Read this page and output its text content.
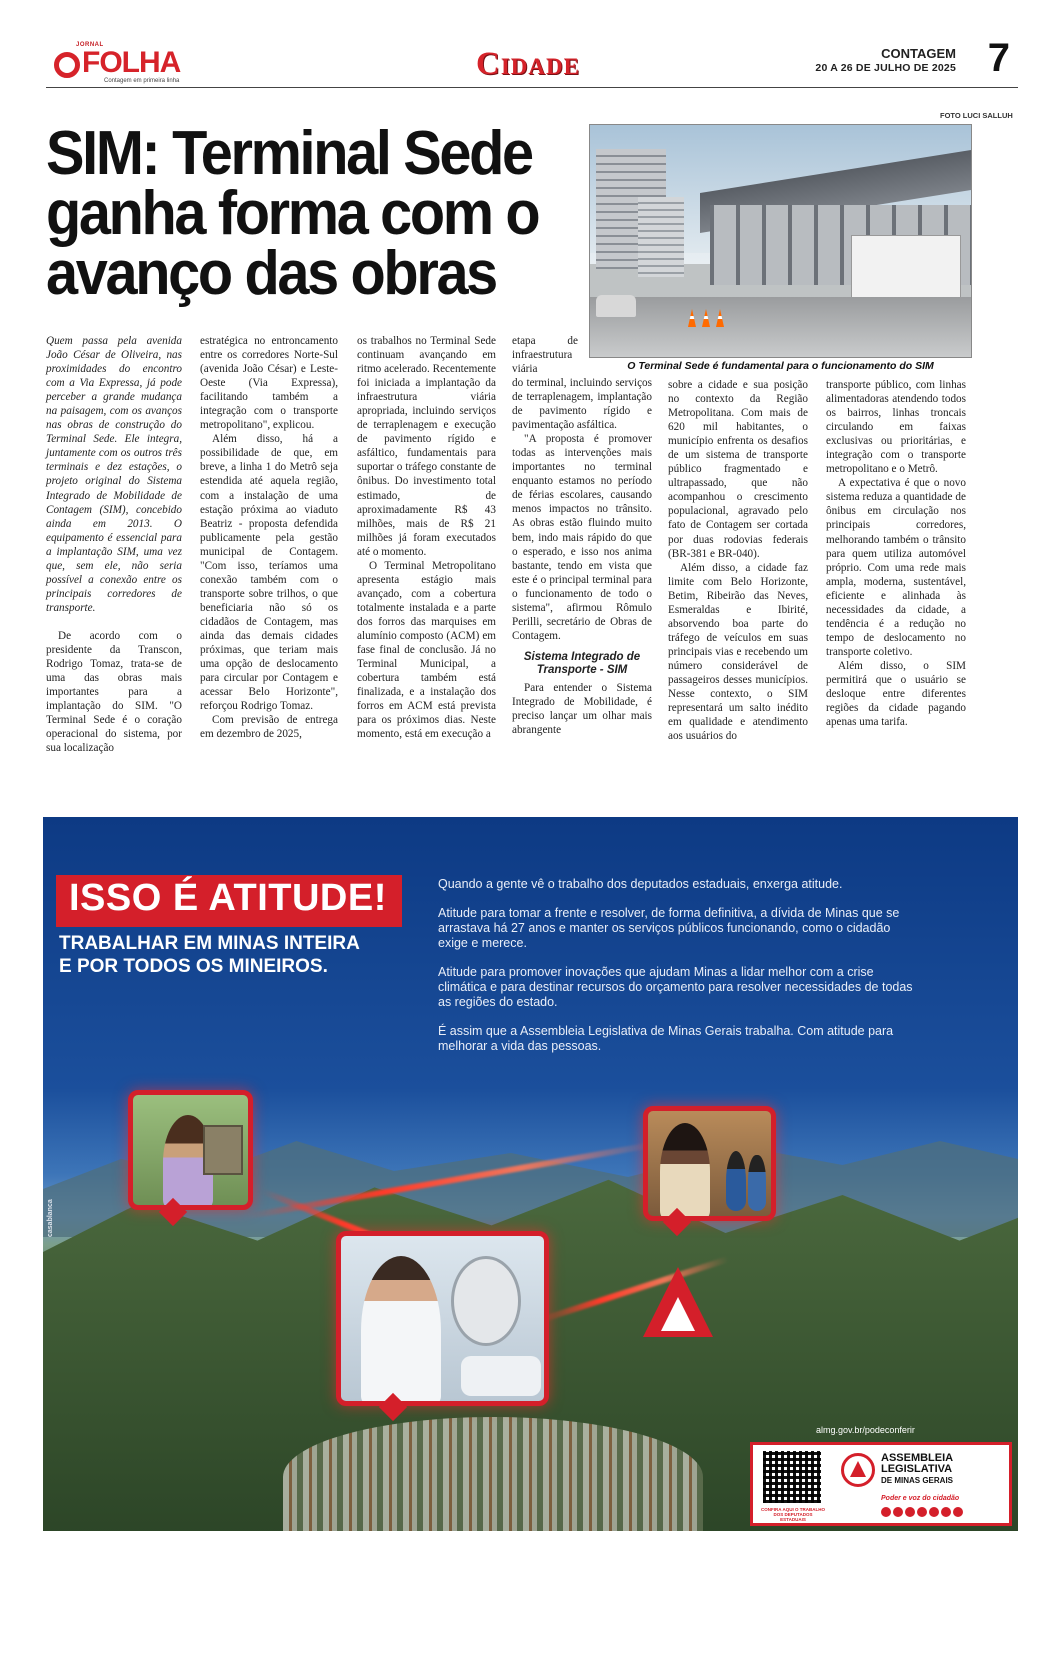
JORNAL
FOLHA
Contagem em primeira linha	Cidade	CONTAGEM
20 A 26 DE JULHO DE 2025 7
SIM: Terminal Sede ganha forma com o avanço das obras
FOTO LUCI SALLUH
O Terminal Sede é fundamental para o funcionamento do SIM

Quem passa pela avenida João César de Oliveira, nas proximidades do encontro com a Via Expressa, já pode perceber a grande mudança na paisagem, com os avanços nas obras de construção do Terminal Sede. Ele integra, juntamente com os outros três terminais e dez estações, o projeto original do Sistema Integrado de Mobilidade de Contagem (SIM), concebido ainda em 2013. O equipamento é essencial para a implantação SIM, uma vez que, sem ele, não seria possível a conexão entre os principais corredores de transporte.

De acordo com o presidente da Transcon, Rodrigo Tomaz, trata-se de uma das obras mais importantes para a implantação do SIM. "O Terminal Sede é o coração operacional do sistema, por sua localização

estratégica no entroncamento entre os corredores Norte-Sul (avenida João César) e Leste-Oeste (Via Expressa), facilitando também a integração com o transporte metropolitano", explicou.

Além disso, há a possibilidade de que, em breve, a linha 1 do Metrô seja estendida até aquela região, com a instalação de uma estação próxima ao viaduto Beatriz - proposta defendida publicamente pela gestão municipal de Contagem. "Com isso, teríamos uma conexão também com o transporte sobre trilhos, o que beneficiaria não só os cidadãos de Contagem, mas ainda das demais cidades próximas, que teriam mais uma opção de deslocamento para circular por Contagem e acessar Belo Horizonte", reforçou Rodrigo Tomaz.

Com previsão de entrega em dezembro de 2025,

os trabalhos no Terminal Sede continuam avançando em ritmo acelerado. Recentemente foi iniciada a implantação da infraestrutura viária apropriada, incluindo serviços de terraplenagem e execução de pavimento rígido e asfáltico, fundamentais para suportar o tráfego constante de ônibus. Do investimento total estimado, de aproximadamente R$ 43 milhões, mais de R$ 21 milhões já foram executados até o momento.

O Terminal Metropolitano apresenta estágio mais avançado, com a cobertura totalmente instalada e a parte dos forros das marquises em alumínio composto (ACM) em fase final de conclusão. Já no Terminal Municipal, a cobertura também está finalizada, e a instalação dos forros em ACM está prevista para os próximos dias. Neste momento, está em execução a

etapa de infraestrutura viária

do terminal, incluindo serviços de terraplenagem, implantação de pavimento rígido e pavimentação asfáltica.

"A proposta é promover todas as intervenções mais importantes no terminal enquanto estamos no período de férias escolares, causando menos impactos no trânsito. As obras estão fluindo muito bem, indo mais rápido do que o esperado, e isso nos anima bastante, tendo em vista que este é o principal terminal para o funcionamento de todo o sistema", afirmou Rômulo Perilli, secretário de Obras de Contagem.

Sistema Integrado de Transporte - SIM

Para entender o Sistema Integrado de Mobilidade, é preciso lançar um olhar mais abrangente

sobre a cidade e sua posição no contexto da Região Metropolitana. Com mais de 620 mil habitantes, o município enfrenta os desafios de um sistema de transporte público fragmentado e ultrapassado, que não acompanhou o crescimento populacional, agravado pelo fato de Contagem ser cortada por duas rodovias federais (BR-381 e BR-040).

Além disso, a cidade faz limite com Belo Horizonte, Betim, Ribeirão das Neves, Esmeraldas e Ibirité, absorvendo boa parte do tráfego de veículos em suas principais vias e recebendo um número considerável de passageiros desses municípios. Nesse contexto, o SIM representará um salto inédito em qualidade e atendimento aos usuários do

transporte público, com linhas alimentadoras atendendo todos os bairros, linhas troncais circulando em faixas exclusivas ou prioritárias, e integração com o transporte metropolitano e o Metrô.

A expectativa é que o novo sistema reduza a quantidade de ônibus em circulação nos principais corredores, melhorando também o trânsito para quem utiliza automóvel próprio. Com uma rede mais ampla, moderna, sustentável, eficiente e alinhada às necessidades da cidade, a tendência é a redução no tempo de deslocamento no transporte coletivo.

Além disso, o SIM permitirá que o usuário se desloque entre diferentes regiões da cidade pagando apenas uma tarifa.

ISSO É ATITUDE!
TRABALHAR EM MINAS INTEIRA
E POR TODOS OS MINEIROS.

Quando a gente vê o trabalho dos deputados estaduais, enxerga atitude.

Atitude para tomar a frente e resolver, de forma definitiva, a dívida de Minas que se arrastava há 27 anos e manter os serviços públicos funcionando, como o cidadão exige e merece.

Atitude para promover inovações que ajudam Minas a lidar melhor com a crise climática e para destinar recursos do orçamento para resolver necessidades de todas as regiões do estado.

É assim que a Assembleia Legislativa de Minas Gerais trabalha. Com atitude para melhorar a vida das pessoas.

casablanca
almg.gov.br/podeconferir
CONFIRA AQUI O TRABALHO DOS DEPUTADOS ESTADUAIS
ASSEMBLEIA
LEGISLATIVA
DE MINAS GERAIS
Poder e voz do cidadão
